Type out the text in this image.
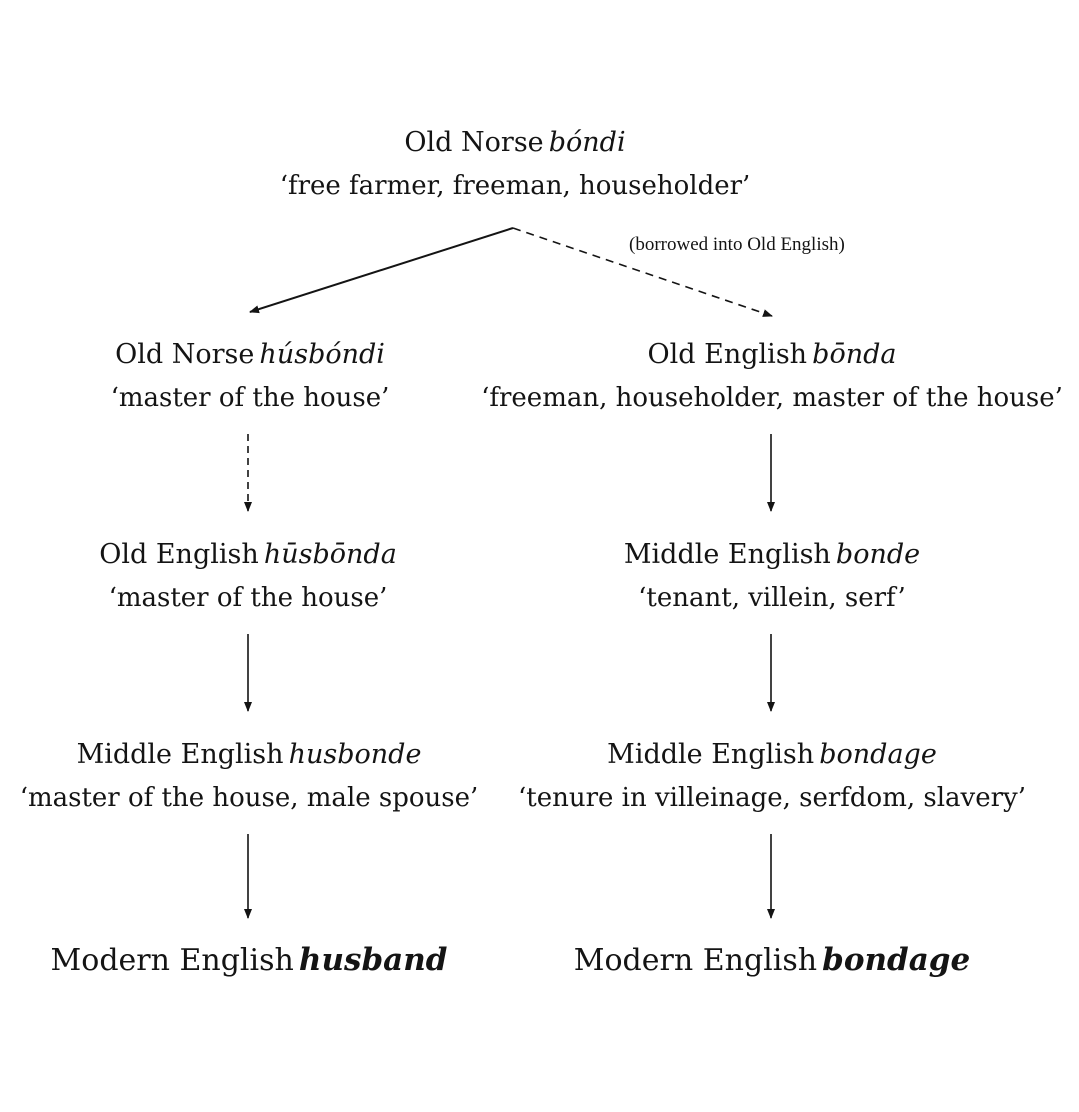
(borrowed into Old English)
Old Norse bóndi
‘free farmer, freeman, householder’
Old Norse húsbóndi
‘master of the house’
Old English bōnda
‘freeman, householder, master of the house’
Old English hūsbōnda
‘master of the house’
Middle English bonde
‘tenant, villein, serf’
Middle English husbonde
‘master of the house, male spouse’
Middle English bondage
‘tenure in villeinage, serfdom, slavery’
Modern English husband	Modern English bondage
